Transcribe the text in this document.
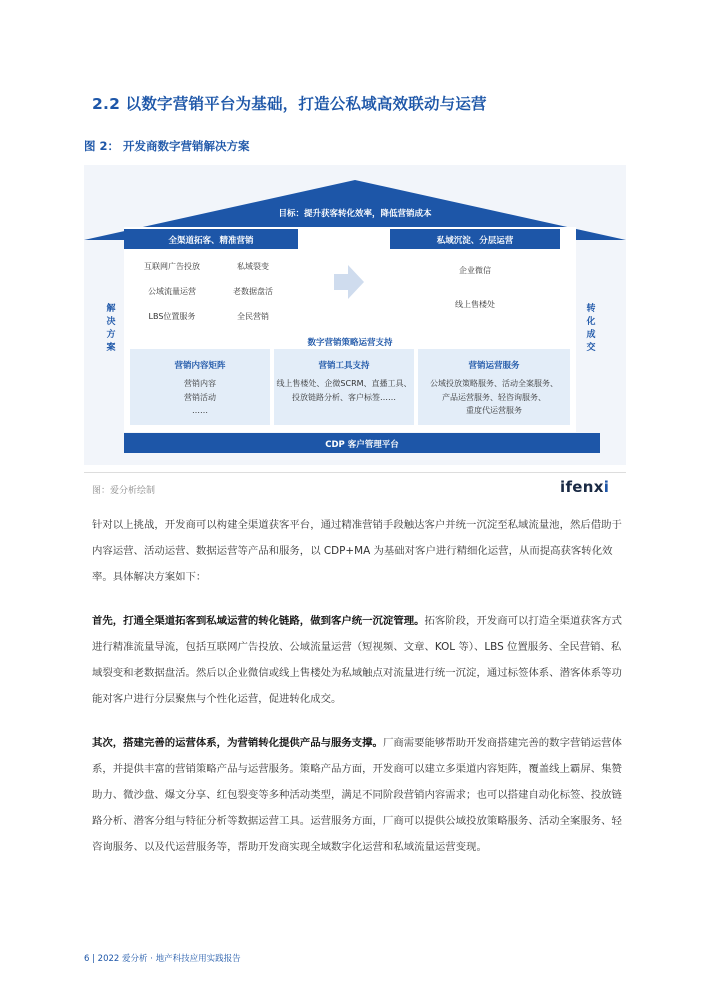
2.2 以数字营销平台为基础，打造公私域高效联动与运营
图 2： 开发商数字营销解决方案
目标：提升获客转化效率，降低营销成本
解
决
方
案
转
化
成
交
全渠道拓客、精准营销
互联网广告投放	私域裂变
公域流量运营	老数据盘活
LBS位置服务	全民营销
私域沉淀、分层运营
企业微信
线上售楼处
数字营销策略运营支持
营销内容矩阵
营销内容
营销活动
……
营销工具支持
线上售楼处、企微SCRM、直播工具、
投放链路分析、客户标签……
营销运营服务
公域投放策略服务、活动全案服务、
产品运营服务、轻咨询服务、
重度代运营服务
CDP 客户管理平台
图：爱分析绘制	ifenxi
针对以上挑战，开发商可以构建全渠道获客平台，通过精准营销手段触达客户并统一沉淀至私域流量池，然后借助于内容运营、活动运营、数据运营等产品和服务，以 CDP+MA 为基础对客户进行精细化运营，从而提高获客转化效率。具体解决方案如下：
首先，打通全渠道拓客到私域运营的转化链路，做到客户统一沉淀管理。拓客阶段，开发商可以打造全渠道获客方式进行精准流量导流，包括互联网广告投放、公域流量运营（短视频、文章、KOL 等）、LBS 位置服务、全民营销、私域裂变和老数据盘活。然后以企业微信或线上售楼处为私域触点对流量进行统一沉淀，通过标签体系、潜客体系等功能对客户进行分层聚焦与个性化运营，促进转化成交。
其次，搭建完善的运营体系，为营销转化提供产品与服务支撑。厂商需要能够帮助开发商搭建完善的数字营销运营体系，并提供丰富的营销策略产品与运营服务。策略产品方面，开发商可以建立多渠道内容矩阵，覆盖线上霸屏、集赞助力、微沙盘、爆文分享、红包裂变等多种活动类型，满足不同阶段营销内容需求；也可以搭建自动化标签、投放链路分析、潜客分组与特征分析等数据运营工具。运营服务方面，厂商可以提供公域投放策略服务、活动全案服务、轻咨询服务、以及代运营服务等，帮助开发商实现全域数字化运营和私域流量运营变现。
6 | 2022 爱分析 · 地产科技应用实践报告
